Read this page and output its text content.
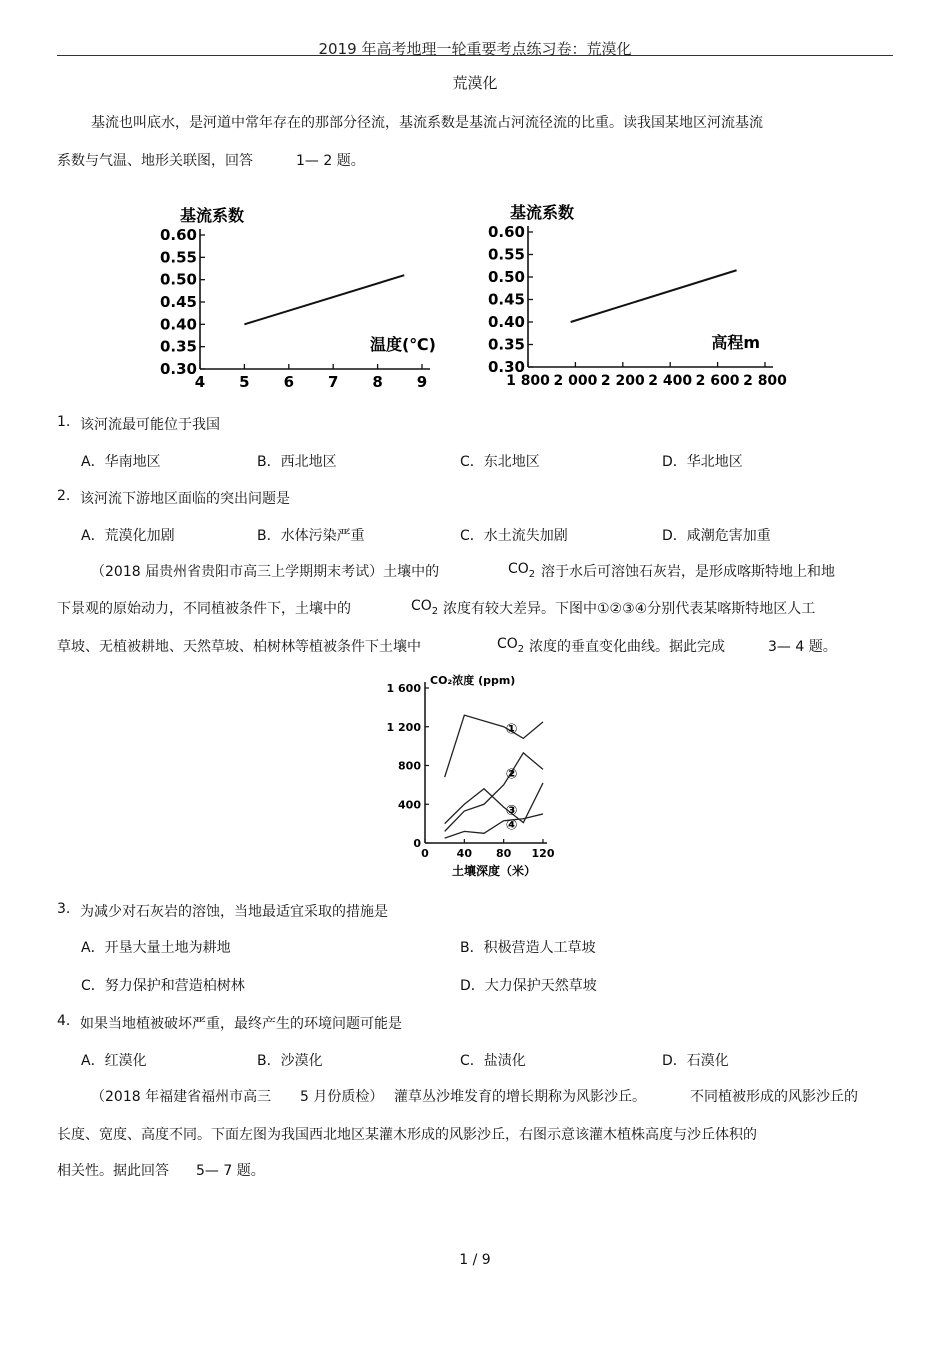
2019 年高考地理一轮重要考点练习卷：荒漠化
荒漠化
基流也叫底水，是河道中常年存在的那部分径流，基流系数是基流占河流径流的比重。读我国某地区河流基流
系数与气温、地形关联图，回答	1— 2 题。
0.60
0.55
0.50
0.45
0.40
0.35
0.30
4 5 6 7 8 9
基流系数
温度(℃)
0.60
0.55
0.50
0.45
0.40
0.35
0.30
1 800 2 000 2 200 2 400 2 600 2 800
基流系数
高程m
1. 该河流最可能位于我国
A．华南地区	B．西北地区	C．东北地区	D．华北地区
2. 该河流下游地区面临的突出问题是
A．荒漠化加剧	B．水体污染严重	C．水土流失加剧	D．咸潮危害加重
（2018 届贵州省贵阳市高三上学期期末考试）土壤中的	$CO_2$ 溶于水后可溶蚀石灰岩，是形成喀斯特地上和地
下景观的原始动力，不同植被条件下，土壤中的	$CO_2$ 浓度有较大差异。下图中①②③④分别代表某喀斯特地区人工
草坡、无植被耕地、天然草坡、柏树林等植被条件下土壤中	$CO_2$ 浓度的垂直变化曲线。据此完成	3— 4 题。
0
400
800
1 200
1 600
0	40 80 120
CO₂浓度 (ppm)
土壤深度（米）
①
②
③
④
3. 为减少对石灰岩的溶蚀，当地最适宜采取的措施是
A．开垦大量土地为耕地	B．积极营造人工草坡
C．努力保护和营造柏树林	D．大力保护天然草坡
4. 如果当地植被破坏严重，最终产生的环境问题可能是
A．红漠化	B．沙漠化	C．盐渍化	D．石漠化
（2018 年福建省福州市高三 5 月份质检） 灌草丛沙堆发育的增长期称为风影沙丘。	不同植被形成的风影沙丘的
长度、宽度、高度不同。下面左图为我国西北地区某灌木形成的风影沙丘，右图示意该灌木植株高度与沙丘体积的
相关性。据此回答 5— 7 题。
1 / 9
